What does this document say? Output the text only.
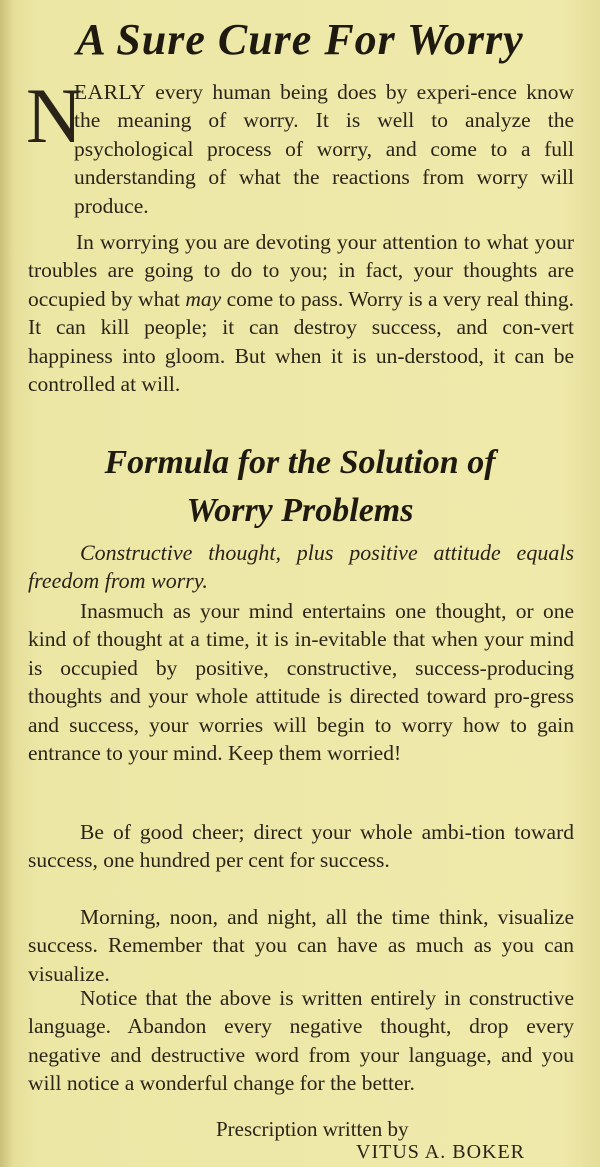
A Sure Cure For Worry
N

EARLY every human being does by experi-ence know the meaning of worry. It is well to analyze the psychological process of worry, and come to a full understanding of what the reactions from worry will produce.

In worrying you are devoting your attention to what your troubles are going to do to you; in fact, your thoughts are occupied by what may come to pass. Worry is a very real thing. It can kill people; it can destroy success, and con-vert happiness into gloom. But when it is un-derstood, it can be controlled at will.

Formula for the Solution of
Worry Problems

Constructive thought, plus positive attitude equals freedom from worry.

Inasmuch as your mind entertains one thought, or one kind of thought at a time, it is in-evitable that when your mind is occupied by positive, constructive, success-producing thoughts and your whole attitude is directed toward pro-gress and success, your worries will begin to worry how to gain entrance to your mind. Keep them worried!

Be of good cheer; direct your whole ambi-tion toward success, one hundred per cent for success.

Morning, noon, and night, all the time think, visualize success. Remember that you can have as much as you can visualize.

Notice that the above is written entirely in constructive language. Abandon every negative thought, drop every negative and destructive word from your language, and you will notice a wonderful change for the better.

Prescription written by

VITUS A. BOKER
